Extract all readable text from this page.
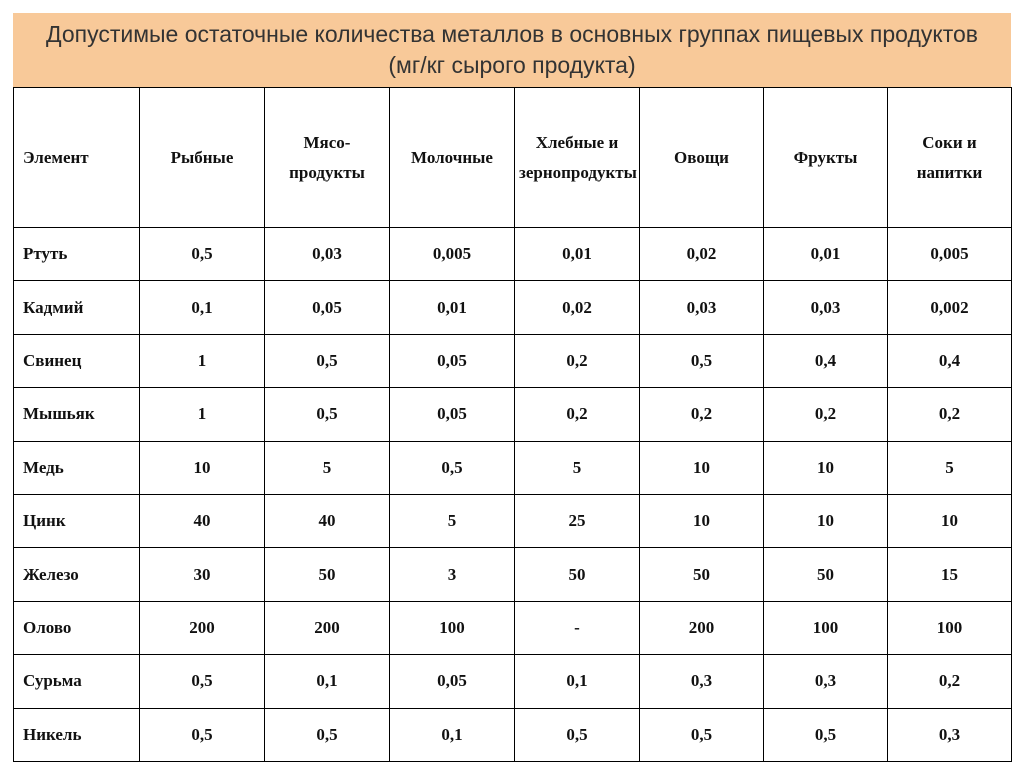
Допустимые остаточные количества металлов в основных группах пищевых продуктов (мг/кг сырого продукта)
Элемент	Рыбные	Мясо-продукты	Молочные	Хлебные и зернопродукты	Овощи	Фрукты	Соки и напитки
Ртуть	0,5	0,03	0,005	0,01	0,02	0,01	0,005
Кадмий	0,1	0,05	0,01	0,02	0,03	0,03	0,002
Свинец	1	0,5	0,05	0,2	0,5	0,4	0,4
Мышьяк	1	0,5	0,05	0,2	0,2	0,2	0,2
Медь	10	5	0,5	5	10	10	5
Цинк	40	40	5	25	10	10	10
Железо	30	50	3	50	50	50	15
Олово	200	200	100	-	200	100	100
Сурьма	0,5	0,1	0,05	0,1	0,3	0,3	0,2
Никель	0,5	0,5	0,1	0,5	0,5	0,5	0,3
